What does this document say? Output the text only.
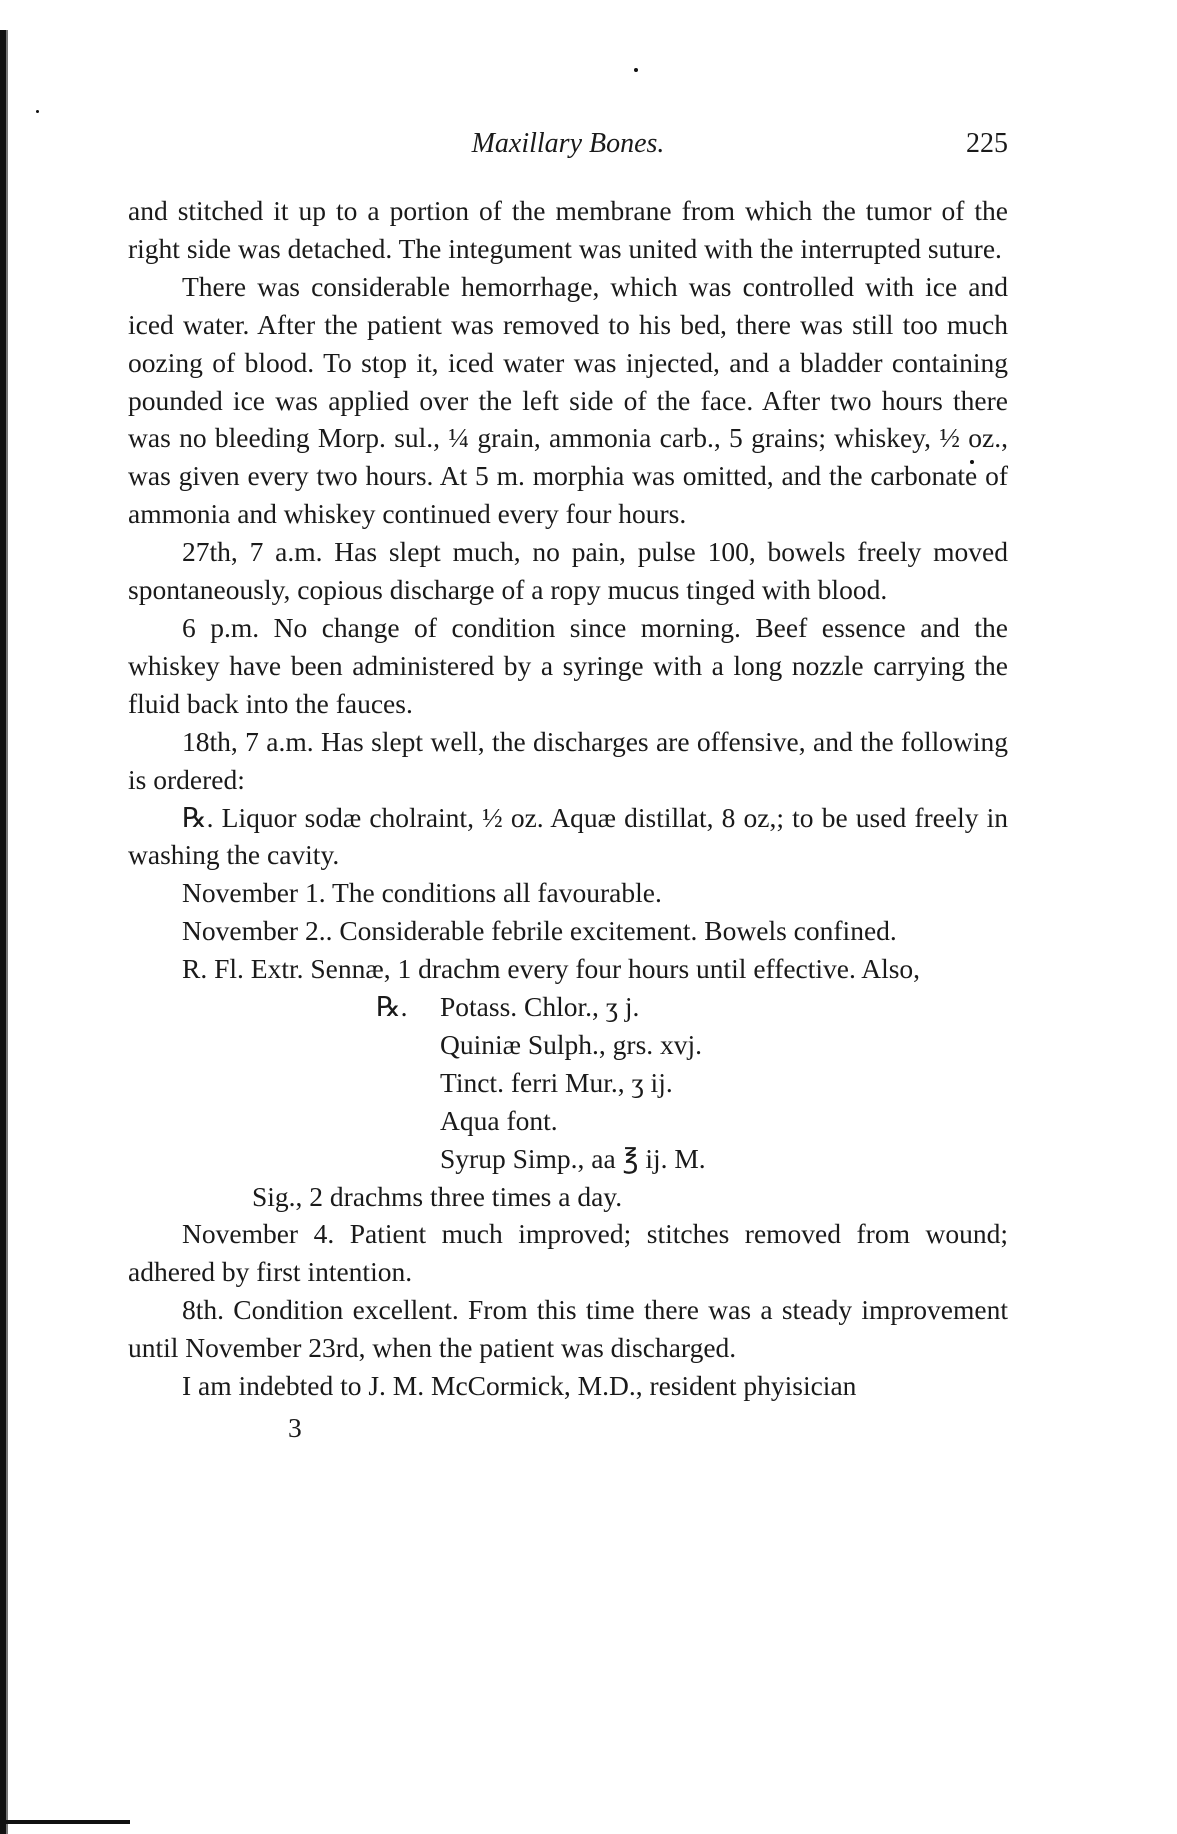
Maxillary Bones.	225

and stitched it up to a portion of the membrane from which the tumor of the right side was detached. The integument was united with the interrupted suture.

There was considerable hemorrhage, which was controlled with ice and iced water. After the patient was removed to his bed, there was still too much oozing of blood. To stop it, iced water was injected, and a bladder containing pounded ice was applied over the left side of the face. After two hours there was no bleeding Morp. sul., ¼ grain, ammonia carb., 5 grains; whiskey, ½ oz., was given every two hours. At 5 m. morphia was omitted, and the carbonate of ammonia and whiskey continued every four hours.

27th, 7 a.m. Has slept much, no pain, pulse 100, bowels freely moved spontaneously, copious discharge of a ropy mucus tinged with blood.

6 p.m. No change of condition since morning. Beef essence and the whiskey have been administered by a syringe with a long nozzle carrying the fluid back into the fauces.

18th, 7 a.m. Has slept well, the discharges are offensive, and the following is ordered:

℞. Liquor sodæ cholraint, ½ oz. Aquæ distillat, 8 oz,; to be used freely in washing the cavity.

November 1. The conditions all favourable.

November 2.. Considerable febrile excitement. Bowels confined.

R. Fl. Extr. Sennæ, 1 drachm every four hours until effective. Also,

℞.	Potass. Chlor., ʒ j.
Quiniæ Sulph., grs. xvj.
Tinct. ferri Mur., ʒ ij.
Aqua font.
Syrup Simp., aa ℥ ij. M.

Sig., 2 drachms three times a day.

November 4. Patient much improved; stitches removed from wound; adhered by first intention.

8th. Condition excellent. From this time there was a steady improvement until November 23rd, when the patient was discharged.

I am indebted to J. M. McCormick, M.D., resident phyisician

3
